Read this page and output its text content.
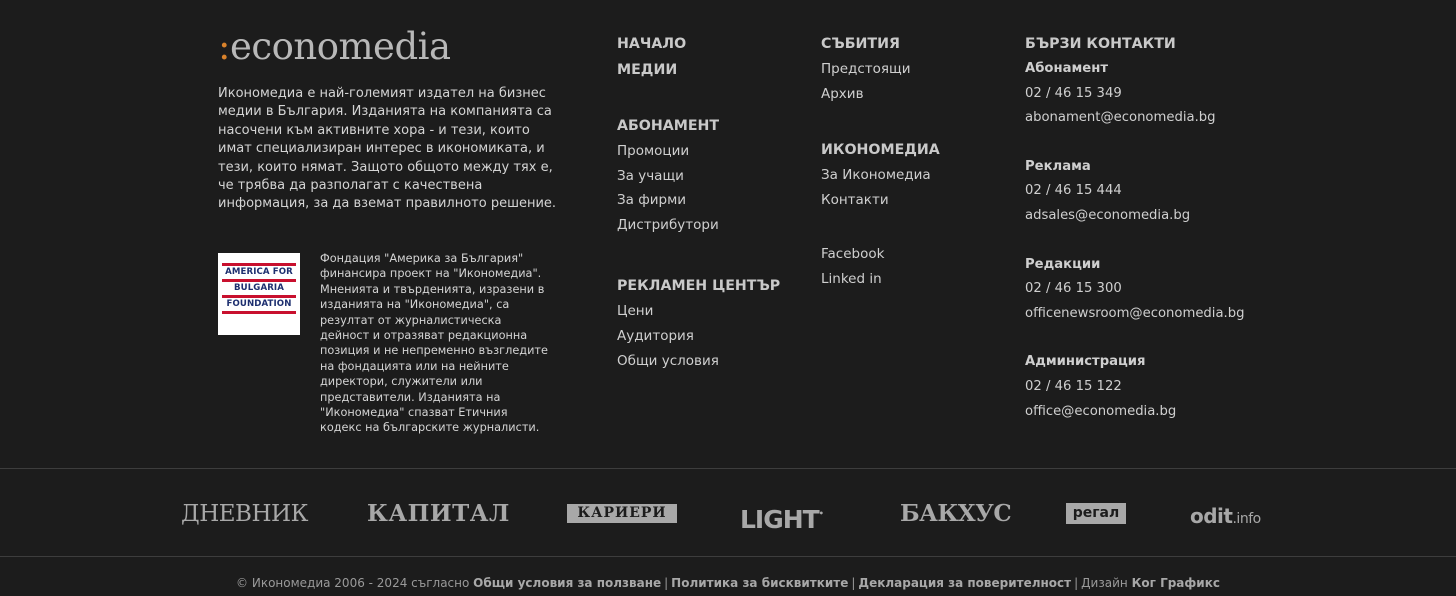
:economedia
Икономедиа е най-големият издател на бизнес медии в България. Изданията на компанията са насочени към активните хора - и тези, които имат специализиран интерес в икономиката, и тези, които нямат. Защото общото между тях е, че трябва да разполагат с качествена информация, за да вземат правилното решение.
AMERICA FOR
BULGARIA
FOUNDATION
Фондация "Америка за България" финансира проект на "Икономедиа". Мненията и твърденията, изразени в изданията на "Икономедиа", са резултат от журналистическа дейност и отразяват редакционна позиция и не непременно възгледите на фондацията или на нейните директори, служители или представители. Изданията на "Икономедиа" спазват Етичния кодекс на българските журналисти.
НАЧАЛО
МЕДИИ
АБОНАМЕНТ
Промоции
За учащи
За фирми
Дистрибутори
РЕКЛАМЕН ЦЕНТЪР
Цени
Аудитория
Общи условия
СЪБИТИЯ
Предстоящи
Архив
ИКОНОМЕДИА
За Икономедиа
Контакти
Facebook
Linked in
БЪРЗИ КОНТАКТИ
Абонамент
02 / 46 15 349
abonament@economedia.bg
Реклама
02 / 46 15 444
adsales@economedia.bg
Редакции
02 / 46 15 300
officenewsroom@economedia.bg
Администрация
02 / 46 15 122
office@economedia.bg
ДНЕВНИК	КАПИТАЛ	КАРИЕРИ	LIGHT•	БАКХУС	регал	odit.info
© Икономедиа 2006 - 2024 съгласно Общи условия за ползване | Политика за бисквитките | Декларация за поверителност | Дизайн Ког Графикс
